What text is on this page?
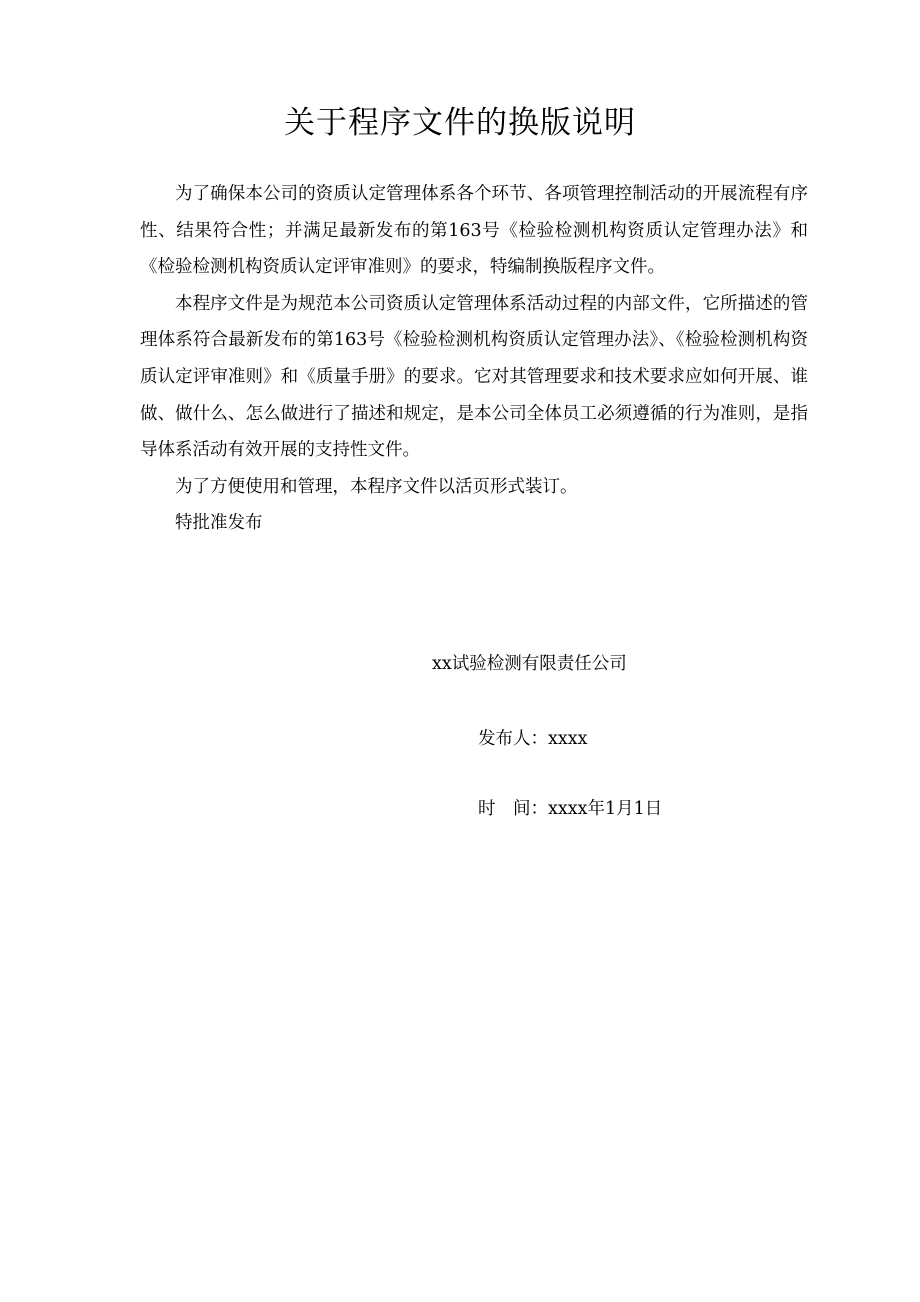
关于程序文件的换版说明

为了确保本公司的资质认定管理体系各个环节、各项管理控制活动的开展流程有序性、结果符合性；并满足最新发布的第163号《检验检测机构资质认定管理办法》和《检验检测机构资质认定评审准则》的要求，特编制换版程序文件。

本程序文件是为规范本公司资质认定管理体系活动过程的内部文件，它所描述的管理体系符合最新发布的第163号《检验检测机构资质认定管理办法》、《检验检测机构资质认定评审准则》和《质量手册》的要求。它对其管理要求和技术要求应如何开展、谁做、做什么、怎么做进行了描述和规定，是本公司全体员工必须遵循的行为准则，是指导体系活动有效开展的支持性文件。

为了方便使用和管理，本程序文件以活页形式装订。

特批准发布

xx试验检测有限责任公司
发布人：xxxx
时　间：xxxx年1月1日
